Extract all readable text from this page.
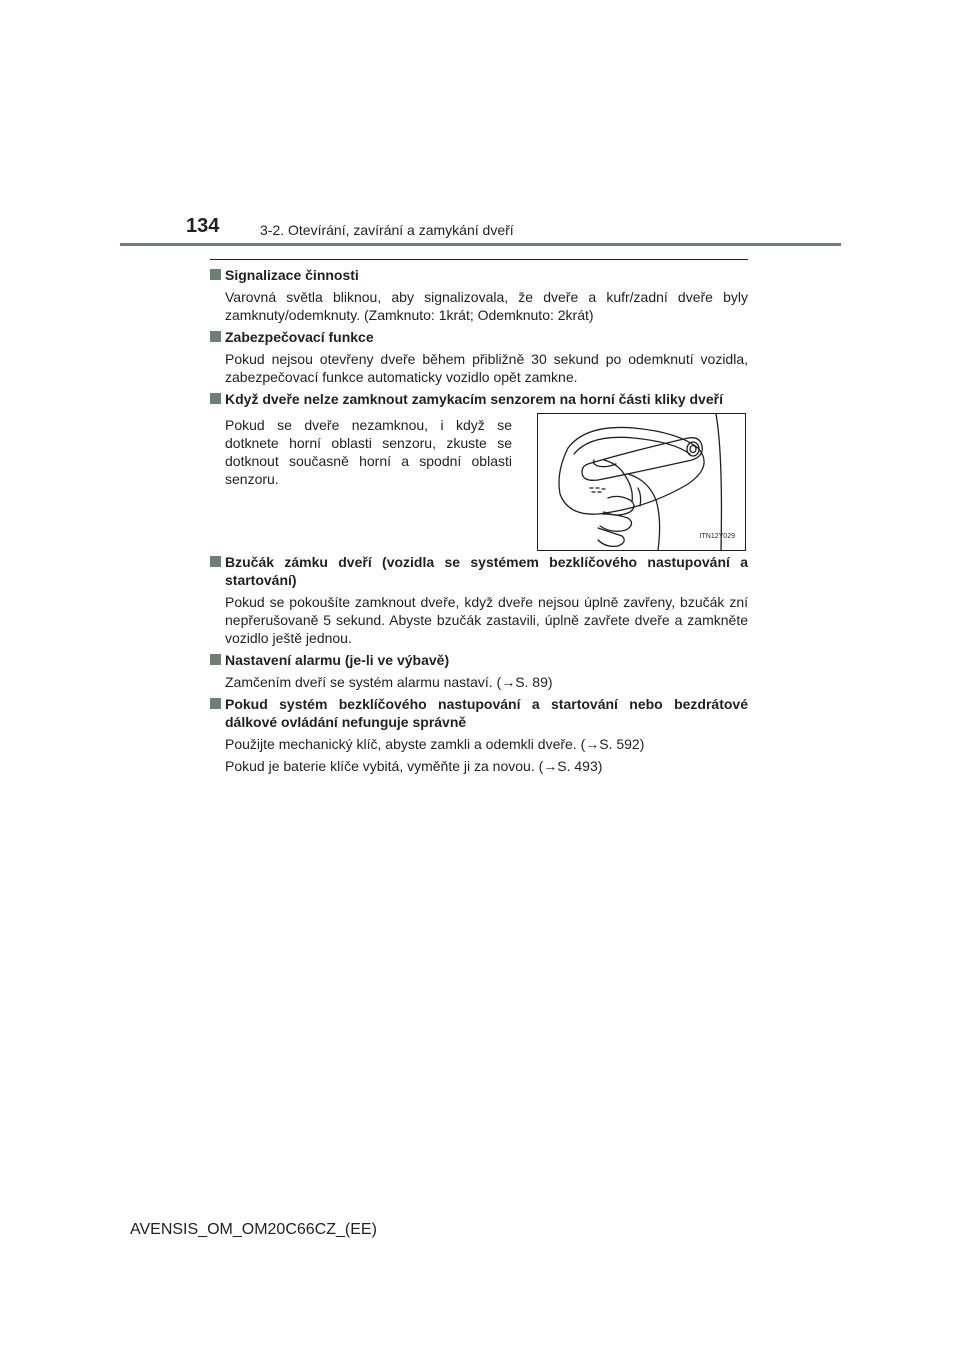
134	3-2. Otevírání, zavírání a zamykání dveří
Signalizace činnosti
Varovná světla bliknou, aby signalizovala, že dveře a kufr/zadní dveře byly zamknuty/odemknuty. (Zamknuto: 1krát; Odemknuto: 2krát)
Zabezpečovací funkce
Pokud nejsou otevřeny dveře během přibližně 30 sekund po odemknutí vozidla, zabezpečovací funkce automaticky vozidlo opět zamkne.
Když dveře nelze zamknout zamykacím senzorem na horní části kliky dveří
Pokud se dveře nezamknou, i když se dotknete horní oblasti senzoru, zkuste se dotknout současně horní a spodní oblasti senzoru.
ITN12Y029
Bzučák zámku dveří (vozidla se systémem bezklíčového nastupování a startování)
Pokud se pokoušíte zamknout dveře, když dveře nejsou úplně zavřeny, bzučák zní nepřerušovaně 5 sekund. Abyste bzučák zastavili, úplně zavřete dveře a zamkněte vozidlo ještě jednou.
Nastavení alarmu (je-li ve výbavě)
Zamčením dveří se systém alarmu nastaví. (→S. 89)
Pokud systém bezklíčového nastupování a startování nebo bezdrátové dálkové ovládání nefunguje správně
Použijte mechanický klíč, abyste zamkli a odemkli dveře. (→S. 592)
Pokud je baterie klíče vybitá, vyměňte ji za novou. (→S. 493)
AVENSIS_OM_OM20C66CZ_(EE)
